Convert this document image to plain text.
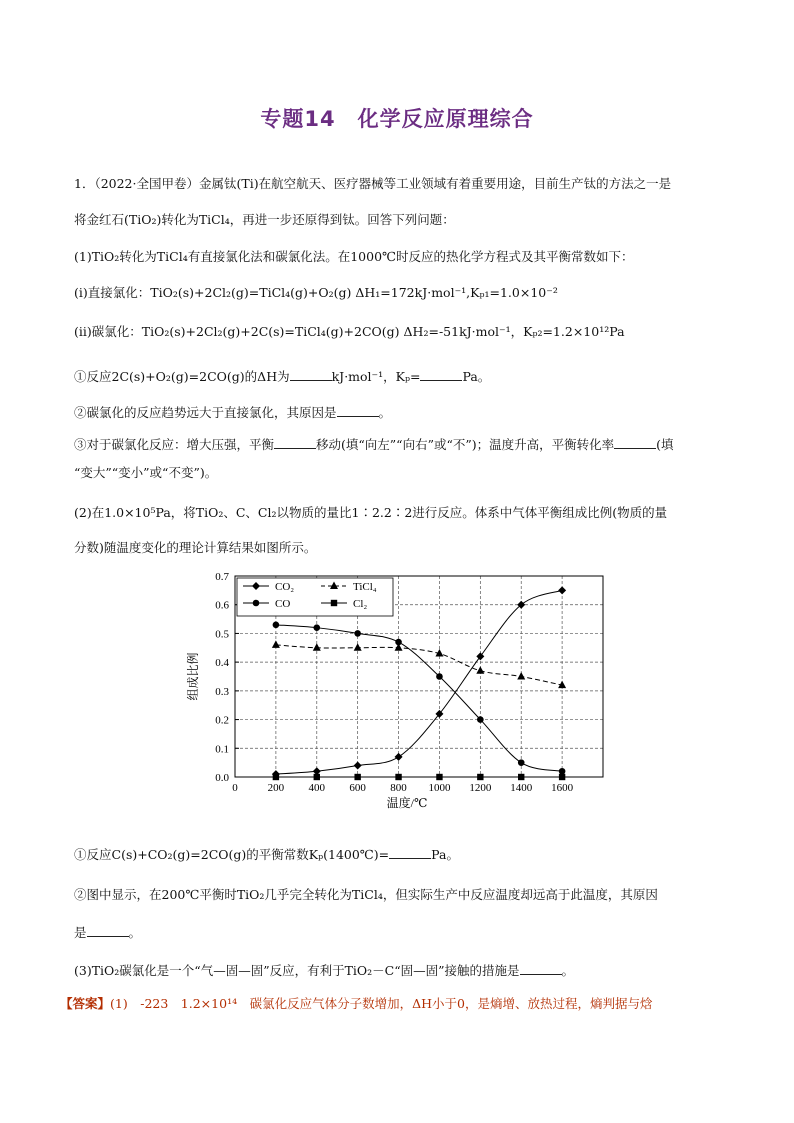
专题14　化学反应原理综合
1．（2022·全国甲卷）金属钛(Ti)在航空航天、医疗器械等工业领域有着重要用途，目前生产钛的方法之一是
将金红石(TiO₂)转化为TiCl₄，再进一步还原得到钛。回答下列问题：
(1)TiO₂转化为TiCl₄有直接氯化法和碳氯化法。在1000℃时反应的热化学方程式及其平衡常数如下：
(ⅰ)直接氯化：TiO₂(s)+2Cl₂(g)=TiCl₄(g)+O₂(g) ΔH₁=172kJ·mol⁻¹,Kₚ₁=1.0×10⁻²
(ⅱ)碳氯化：TiO₂(s)+2Cl₂(g)+2C(s)=TiCl₄(g)+2CO(g) ΔH₂=-51kJ·mol⁻¹，Kₚ₂=1.2×10¹²Pa
①反应2C(s)+O₂(g)=2CO(g)的ΔH为	kJ·mol⁻¹，Kₚ=	Pa。
②碳氯化的反应趋势远大于直接氯化，其原因是	。
③对于碳氯化反应：增大压强，平衡	移动(填“向左”“向右”或“不”)；温度升高，平衡转化率	(填
“变大”“变小”或“不变”)。
(2)在1.0×10⁵Pa，将TiO₂、C、Cl₂以物质的量比1∶2.2∶2进行反应。体系中气体平衡组成比例(物质的量
分数)随温度变化的理论计算结果如图所示。
0	200 400 600 800 1000 1200 1400 1600
0.0
0.1
0.2
0.3
0.4
0.5
0.6
0.7
温度/℃
组成比例
CO₂	TiCl₄
CO	Cl₂
①反应C(s)+CO₂(g)=2CO(g)的平衡常数Kₚ(1400℃)=	Pa。
②图中显示，在200℃平衡时TiO₂几乎完全转化为TiCl₄，但实际生产中反应温度却远高于此温度，其原因
是	。
(3)TiO₂碳氯化是一个“气—固—固”反应，有利于TiO₂－C“固—固”接触的措施是	。
【答案】(1)　-223　1.2×10¹⁴　碳氯化反应气体分子数增加，ΔH小于0，是熵增、放热过程，熵判据与焓
